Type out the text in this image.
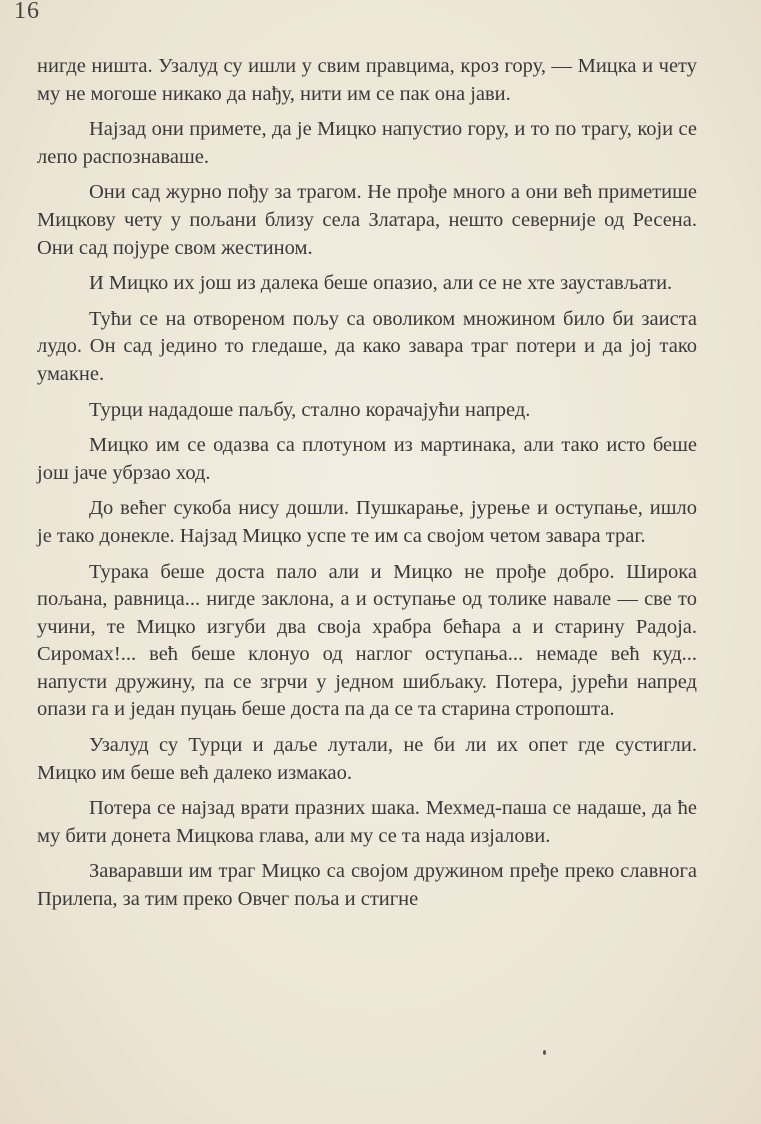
16

нигде ништа. Узалуд су ишли у свим правцима, кроз гору, — Мицка и чету му не могоше никако да нађу, нити им се пак она јави.

Најзад они примете, да је Мицко напустио гору, и то по трагу, који се лепо распознаваше.

Они сад журно пођу за трагом. Не прође много а они већ приметише Мицкову чету у пољани близу села Златара, нешто северније од Ресена. Они сад појуре свом жестином.

И Мицко их још из далека беше опазио, али се не хте заустављати.

Тући се на отвореном пољу са оволиком множином било би заиста лудо. Он сад једино то гледаше, да како завара траг потери и да јој тако умакне.

Турци нададоше паљбу, стално корачајући напред.

Мицко им се одазва са плотуном из мартинака, али тако исто беше још јаче убрзао ход.

До већег сукоба нису дошли. Пушкарање, јурење и оступање, ишло је тако донекле. Најзад Мицко успе те им са својом четом завара траг.

Турака беше доста пало али и Мицко не прође добро. Широка пољана, равница... нигде заклона, а и оступање од толике навале — све то учини, те Мицко изгуби два своја храбра бећара а и старину Радоја. Сиромах!... већ беше клонуо од наглог оступања... немаде већ куд... напусти дружину, па се згрчи у једном шибљаку. Потера, јурећи напред опази га и један пуцањ беше доста па да се та старина стропошта.

Узалуд су Турци и даље лутали, не би ли их опет где сустигли. Мицко им беше већ далеко измакао.

Потера се најзад врати празних шака. Мехмед-паша се надаше, да ће му бити донета Мицкова глава, али му се та нада изјалови.

Заваравши им траг Мицко са својом дружином пређе преко славнога Прилепа, за тим преко Овчег поља и стигне
